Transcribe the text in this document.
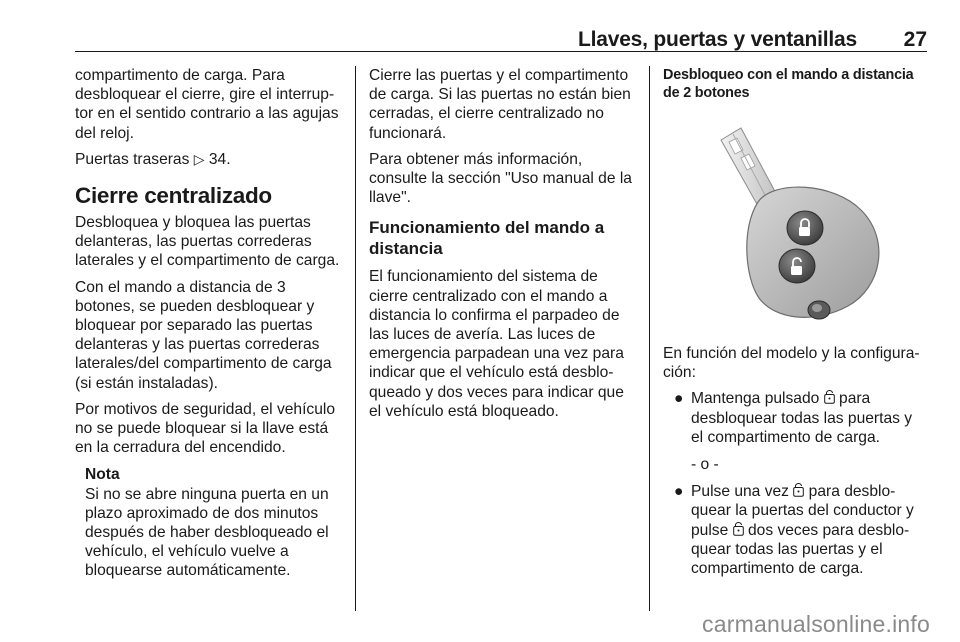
Llaves, puertas y ventanillas 27

compartimento de carga. Para desbloquear el cierre, gire el interruptor en el sentido contrario a las agujas del reloj.

Puertas traseras ▷ 34.

Cierre centralizado

Desbloquea y bloquea las puertas delanteras, las puertas correderas laterales y el compartimento de carga.

Con el mando a distancia de 3 botones, se pueden desbloquear y bloquear por separado las puertas delanteras y las puertas correderas laterales/del compartimento de carga (si están instaladas).

Por motivos de seguridad, el vehículo no se puede bloquear si la llave está en la cerradura del encendido.

Nota
Si no se abre ninguna puerta en un plazo aproximado de dos minutos después de haber desbloqueado el vehículo, el vehículo vuelve a bloquearse automáticamente.

Cierre las puertas y el compartimento de carga. Si las puertas no están bien cerradas, el cierre centralizado no funcionará.

Para obtener más información, consulte la sección "Uso manual de la llave".

Funcionamiento del mando a distancia

El funcionamiento del sistema de cierre centralizado con el mando a distancia lo confirma el parpadeo de las luces de avería. Las luces de emergencia parpadean una vez para indicar que el vehículo está desbloqueado y dos veces para indicar que el vehículo está bloqueado.

Desbloqueo con el mando a distancia de 2 botones

En función del modelo y la configuración:

● Mantenga pulsado para desbloquear todas las puertas y el compartimento de carga.
- o -
● Pulse una vez para desbloquear la puertas del conductor y pulse dos veces para desbloquear todas las puertas y el compartimento de carga.
carmanualsonline.info
